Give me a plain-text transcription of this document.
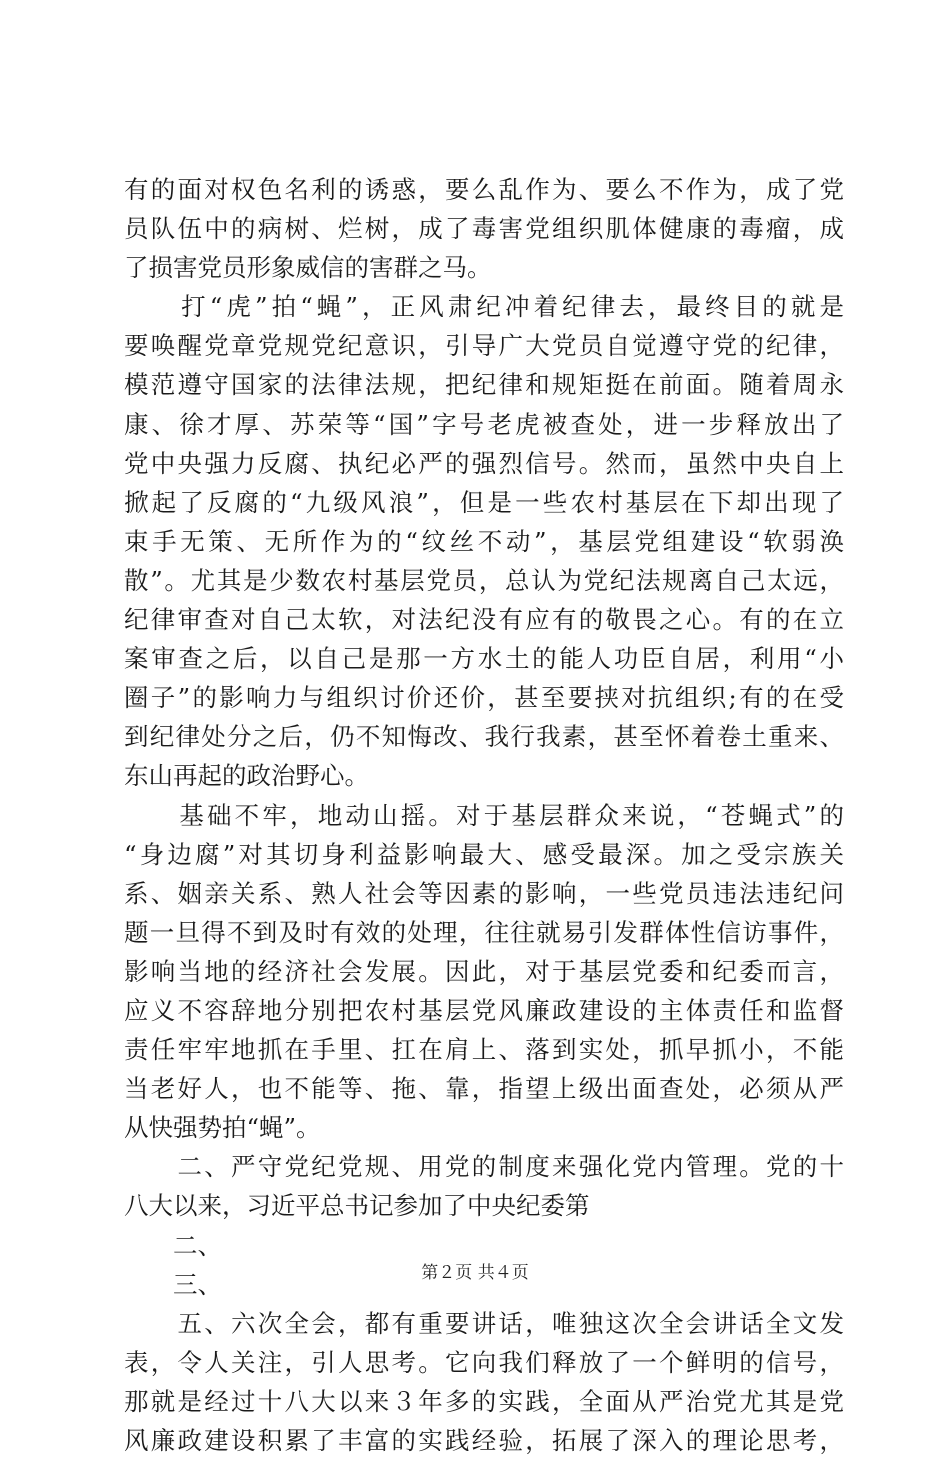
有的面对权色名利的诱惑，要么乱作为、要么不作为，成了党
员队伍中的病树、烂树，成了毒害党组织肌体健康的毒瘤，成
了损害党员形象威信的害群之马。
　　打“虎”拍“蝇”，正风肃纪冲着纪律去，最终目的就是
要唤醒党章党规党纪意识，引导广大党员自觉遵守党的纪律，
模范遵守国家的法律法规，把纪律和规矩挺在前面。随着周永
康、徐才厚、苏荣等“国”字号老虎被查处，进一步释放出了
党中央强力反腐、执纪必严的强烈信号。然而，虽然中央自上
掀起了反腐的“九级风浪”，但是一些农村基层在下却出现了
束手无策、无所作为的“纹丝不动”，基层党组建设“软弱涣
散”。尤其是少数农村基层党员，总认为党纪法规离自己太远，
纪律审查对自己太软，对法纪没有应有的敬畏之心。有的在立
案审查之后，以自己是那一方水土的能人功臣自居，利用“小
圈子”的影响力与组织讨价还价，甚至要挟对抗组织;有的在受
到纪律处分之后，仍不知悔改、我行我素，甚至怀着卷土重来、
东山再起的政治野心。
　　基础不牢，地动山摇。对于基层群众来说，“苍蝇式”的
“身边腐”对其切身利益影响最大、感受最深。加之受宗族关
系、姻亲关系、熟人社会等因素的影响，一些党员违法违纪问
题一旦得不到及时有效的处理，往往就易引发群体性信访事件，
影响当地的经济社会发展。因此，对于基层党委和纪委而言，
应义不容辞地分别把农村基层党风廉政建设的主体责任和监督
责任牢牢地抓在手里、扛在肩上、落到实处，抓早抓小，不能
当老好人，也不能等、拖、靠，指望上级出面查处，必须从严
从快强势拍“蝇”。
　　二、严守党纪党规、用党的制度来强化党内管理。党的十
八大以来，习近平总书记参加了中央纪委第
　　二、
　　三、
　　五、六次全会，都有重要讲话，唯独这次全会讲话全文发
表，令人关注，引人思考。它向我们释放了一个鲜明的信号，
那就是经过十八大以来３年多的实践，全面从严治党尤其是党
风廉政建设积累了丰富的实践经验，拓展了深入的理论思考，
第２页 共４页
